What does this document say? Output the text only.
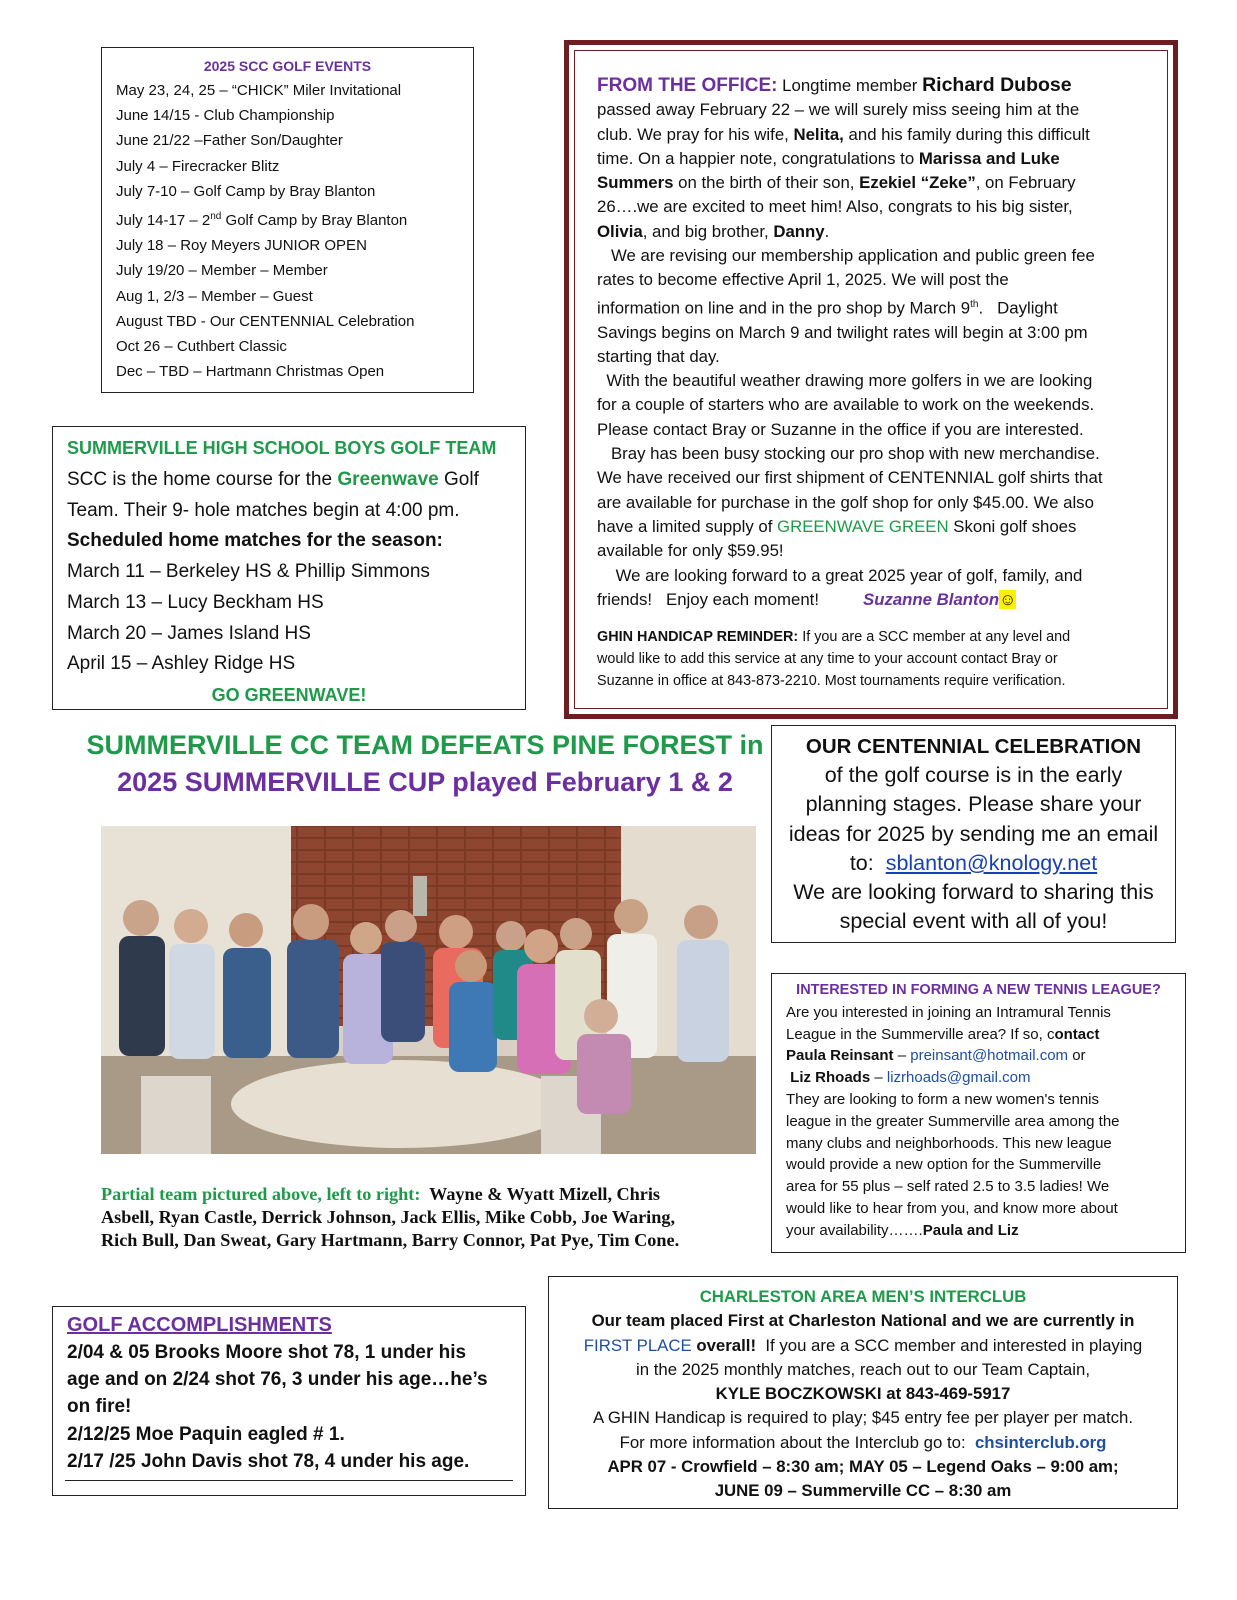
2025 SCC GOLF EVENTS
May 23, 24, 25 – “CHICK” Miler Invitational
June 14/15 - Club Championship
June 21/22 –Father Son/Daughter
July 4 – Firecracker Blitz
July 7-10 – Golf Camp by Bray Blanton
July 14-17 – 2nd Golf Camp by Bray Blanton
July 18 – Roy Meyers JUNIOR OPEN
July 19/20 – Member – Member
Aug 1, 2/3 – Member – Guest
August TBD - Our CENTENNIAL Celebration
Oct 26 – Cuthbert Classic
Dec – TBD – Hartmann Christmas Open
SUMMERVILLE HIGH SCHOOL BOYS GOLF TEAM
SCC is the home course for the Greenwave Golf
Team. Their 9- hole matches begin at 4:00 pm.
Scheduled home matches for the season:
March 11 – Berkeley HS & Phillip Simmons
March 13 – Lucy Beckham HS
March 20 – James Island HS
April 15 – Ashley Ridge HS
GO GREENWAVE!
FROM THE OFFICE: Longtime member Richard Dubose
passed away February 22 – we will surely miss seeing him at the
club. We pray for his wife, Nelita, and his family during this difficult
time. On a happier note, congratulations to Marissa and Luke
Summers on the birth of their son, Ezekiel “Zeke”, on February
26….we are excited to meet him! Also, congrats to his big sister,
Olivia, and big brother, Danny.
We are revising our membership application and public green fee
rates to become effective April 1, 2025. We will post the
information on line and in the pro shop by March 9th.   Daylight
Savings begins on March 9 and twilight rates will begin at 3:00 pm
starting that day.
With the beautiful weather drawing more golfers in we are looking
for a couple of starters who are available to work on the weekends.
Please contact Bray or Suzanne in the office if you are interested.
Bray has been busy stocking our pro shop with new merchandise.
We have received our first shipment of CENTENNIAL golf shirts that
are available for purchase in the golf shop for only $45.00. We also
have a limited supply of GREENWAVE GREEN Skoni golf shoes
available for only $59.95!
We are looking forward to a great 2025 year of golf, family, and
friends!   Enjoy each moment!	Suzanne Blanton☺
GHIN HANDICAP REMINDER: If you are a SCC member at any level and
would like to add this service at any time to your account contact Bray or
Suzanne in office at 843-873-2210. Most tournaments require verification.
SUMMERVILLE CC TEAM DEFEATS PINE FOREST in
2025 SUMMERVILLE CUP played February 1 & 2
Partial team pictured above, left to right:  Wayne & Wyatt Mizell, Chris
Asbell, Ryan Castle, Derrick Johnson, Jack Ellis, Mike Cobb, Joe Waring,
Rich Bull, Dan Sweat, Gary Hartmann, Barry Connor, Pat Pye, Tim Cone.
OUR CENTENNIAL CELEBRATION
of the golf course is in the early
planning stages. Please share your
ideas for 2025 by sending me an email
to:  sblanton@knology.net
We are looking forward to sharing this
special event with all of you!
INTERESTED IN FORMING A NEW TENNIS LEAGUE?
Are you interested in joining an Intramural Tennis
League in the Summerville area? If so, contact
Paula Reinsant – preinsant@hotmail.com or
Liz Rhoads – lizrhoads@gmail.com
They are looking to form a new women's tennis
league in the greater Summerville area among the
many clubs and neighborhoods. This new league
would provide a new option for the Summerville
area for 55 plus – self rated 2.5 to 3.5 ladies! We
would like to hear from you, and know more about
your availability…….Paula and Liz
GOLF ACCOMPLISHMENTS
2/04 & 05 Brooks Moore shot 78, 1 under his
age and on 2/24 shot 76, 3 under his age…he’s
on fire!
2/12/25 Moe Paquin eagled # 1.
2/17 /25 John Davis shot 78, 4 under his age.
CHARLESTON AREA MEN’S INTERCLUB
Our team placed First at Charleston National and we are currently in
FIRST PLACE overall!  If you are a SCC member and interested in playing
in the 2025 monthly matches, reach out to our Team Captain,
KYLE BOCZKOWSKI at 843-469-5917
A GHIN Handicap is required to play; $45 entry fee per player per match.
For more information about the Interclub go to:  chsinterclub.org
APR 07 - Crowfield – 8:30 am; MAY 05 – Legend Oaks – 9:00 am;
JUNE 09 – Summerville CC – 8:30 am
